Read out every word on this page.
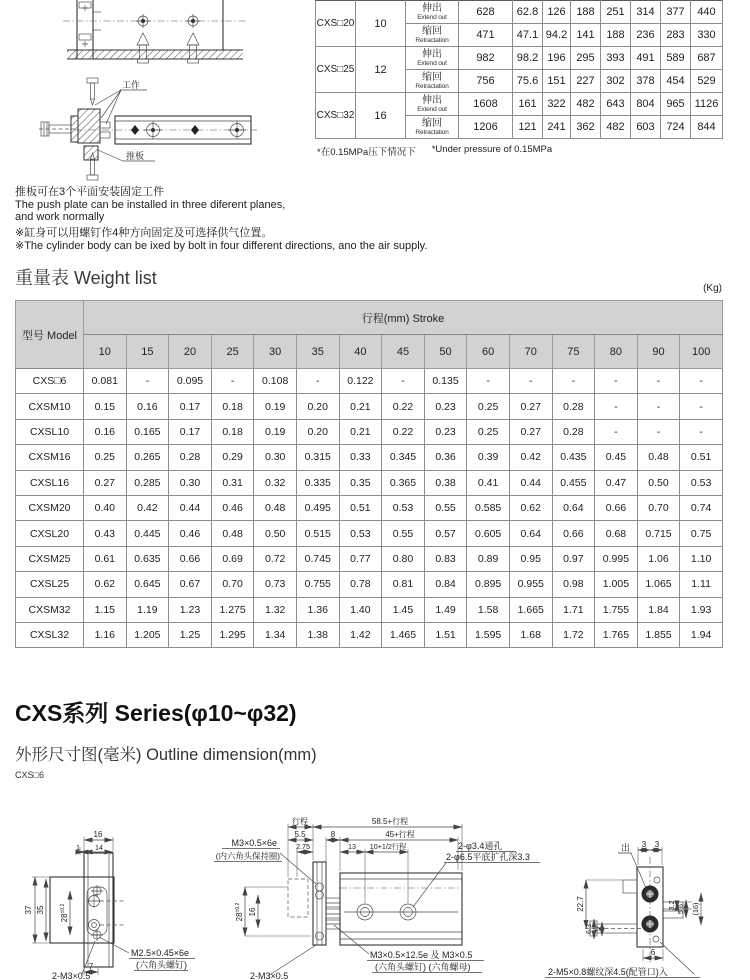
工作
推板
CXS□20	10	伸出
Extend out	628	62.8	126	188	251	314	377	440

		缩回
Retractation	471	47.1	94.2	141	188	236	283	330
CXS□25	12	伸出
Extend out	982	98.2	196	295	393	491	589	687

		缩回
Retractation	756	75.6	151	227	302	378	454	529
CXS□32	16	伸出
Extend out	1608	161	322	482	643	804	965	1126

		缩回
Retractation	1206	121	241	362	482	603	724	844
*在0.15MPa压下情况下 *Under pressure of 0.15MPa
推板可在3个平面安装固定工件
The push plate can be installed in three diferent planes,
and work normally
※缸身可以用螺钉作4种方向固定及可选择供气位置。
※The cylinder body can be ixed by bolt in four different directions, ano the air supply.
重量表 Weight list
(Kg)
型号 Model	行程(mm) Stroke														
	10	15	20	25	30	35	40	45	50	60	70	75	80	90	100
CXS□6	0.081	-	0.095	-	0.108	-	0.122	-	0.135	-	-	-	-	-	-
CXSM10	0.15	0.16	0.17	0.18	0.19	0.20	0.21	0.22	0.23	0.25	0.27	0.28	-	-	-
CXSL10	0.16	0.165	0.17	0.18	0.19	0.20	0.21	0.22	0.23	0.25	0.27	0.28	-	-	-
CXSM16	0.25	0.265	0.28	0.29	0.30	0.315	0.33	0.345	0.36	0.39	0.42	0.435	0.45	0.48	0.51
CXSL16	0.27	0.285	0.30	0.31	0.32	0.335	0.35	0.365	0.38	0.41	0.44	0.455	0.47	0.50	0.53
CXSM20	0.40	0.42	0.44	0.46	0.48	0.495	0.51	0.53	0.55	0.585	0.62	0.64	0.66	0.70	0.74
CXSL20	0.43	0.445	0.46	0.48	0.50	0.515	0.53	0.55	0.57	0.605	0.64	0.66	0.68	0.715	0.75
CXSM25	0.61	0.635	0.66	0.69	0.72	0.745	0.77	0.80	0.83	0.89	0.95	0.97	0.995	1.06	1.10
CXSL25	0.62	0.645	0.67	0.70	0.73	0.755	0.78	0.81	0.84	0.895	0.955	0.98	1.005	1.065	1.11
CXSM32	1.15	1.19	1.23	1.275	1.32	1.36	1.40	1.45	1.49	1.58	1.665	1.71	1.755	1.84	1.93
CXSL32	1.16	1.205	1.25	1.295	1.34	1.38	1.42	1.465	1.51	1.595	1.68	1.72	1.765	1.855	1.94
CXS系列 Series(φ10~φ32)
外形尺寸图(毫米) Outline dimension(mm)
CXS□6
16
1 14
37 35
$28^{\pm 0.2}$
7
M2.5×0.45×6e
(六角头螺钉)
2-M3×0.5
行程	58.5+行程
5.5	8	45+行程
2.75	13 10+1/2行程
$28^{\pm 0.2}$ 16
M3×0.5×6e
(内六角头保持圈)
2-φ3.4通孔
2-φ6.5平底扩孔深3.3
M3×0.5×12.5e 及 M3×0.5
(六角头螺钉) (六角螺母)
2-M3×0.5
3 3
出
22.7
6.3 5
3.2 5.6 (16)
6
2-M5×0.8螺纹深4.5(配管口)入
